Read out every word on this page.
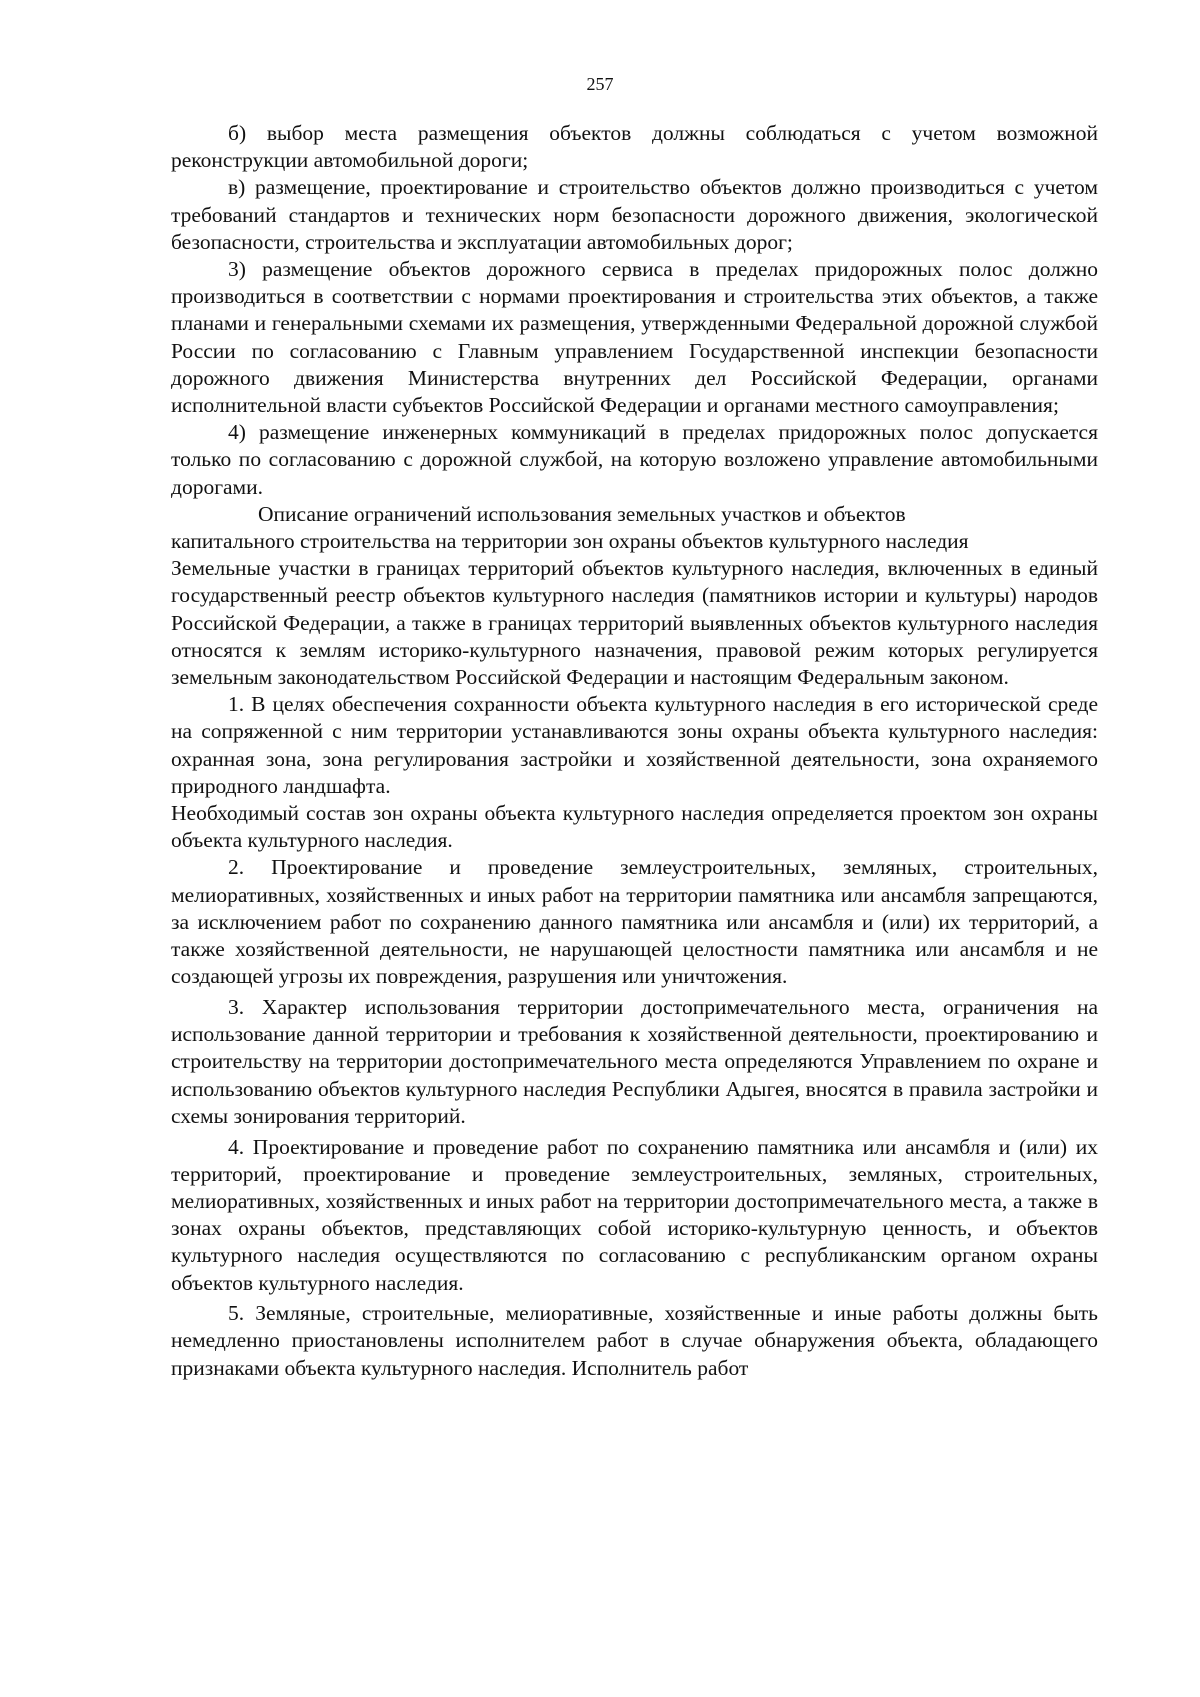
257

б) выбор места размещения объектов должны соблюдаться с учетом возможной реконструкции автомобильной дороги;

в) размещение, проектирование и строительство объектов должно производиться с учетом требований стандартов и технических норм безопасности дорожного движения, экологической безопасности, строительства и эксплуатации автомобильных дорог;

3) размещение объектов дорожного сервиса в пределах придорожных полос должно производиться в соответствии с нормами проектирования и строительства этих объектов, а также планами и генеральными схемами их размещения, утвержденными Федеральной дорожной службой России по согласованию с Главным управлением Государственной инспекции безопасности дорожного движения Министерства внутренних дел Российской Федерации, органами исполнительной власти субъектов Российской Федерации и органами местного самоуправления;

4) размещение инженерных коммуникаций в пределах придорожных полос допускается только по согласованию с дорожной службой, на которую возложено управление автомобильными дорогами.

Описание ограничений использования земельных участков и объектов
капитального строительства на территории зон охраны объектов культурного наследия

Земельные участки в границах территорий объектов культурного наследия, включенных в единый государственный реестр объектов культурного наследия (памятников истории и культуры) народов Российской Федерации, а также в границах территорий выявленных объектов культурного наследия относятся к землям историко-культурного назначения, правовой режим которых регулируется земельным законодательством Российской Федерации и настоящим Федеральным законом.

1. В целях обеспечения сохранности объекта культурного наследия в его исторической среде на сопряженной с ним территории устанавливаются зоны охраны объекта культурного наследия: охранная зона, зона регулирования застройки и хозяйственной деятельности, зона охраняемого природного ландшафта.

Необходимый состав зон охраны объекта культурного наследия определяется проектом зон охраны объекта культурного наследия.

2. Проектирование и проведение землеустроительных, земляных, строительных, мелиоративных, хозяйственных и иных работ на территории памятника или ансамбля запрещаются, за исключением работ по сохранению данного памятника или ансамбля и (или) их территорий, а также хозяйственной деятельности, не нарушающей целостности памятника или ансамбля и не создающей угрозы их повреждения, разрушения или уничтожения.

3. Характер использования территории достопримечательного места, ограничения на использование данной территории и требования к хозяйственной деятельности, проектированию и строительству на территории достопримечательного места определяются Управлением по охране и использованию объектов культурного наследия Республики Адыгея, вносятся в правила застройки и схемы зонирования территорий.

4. Проектирование и проведение работ по сохранению памятника или ансамбля и (или) их территорий, проектирование и проведение землеустроительных, земляных, строительных, мелиоративных, хозяйственных и иных работ на территории достопримечательного места, а также в зонах охраны объектов, представляющих собой историко-культурную ценность, и объектов культурного наследия осуществляются по согласованию с республиканским органом охраны объектов культурного наследия.

5. Земляные, строительные, мелиоративные, хозяйственные и иные работы должны быть немедленно приостановлены исполнителем работ в случае обнаружения объекта, обладающего признаками объекта культурного наследия. Исполнитель работ
